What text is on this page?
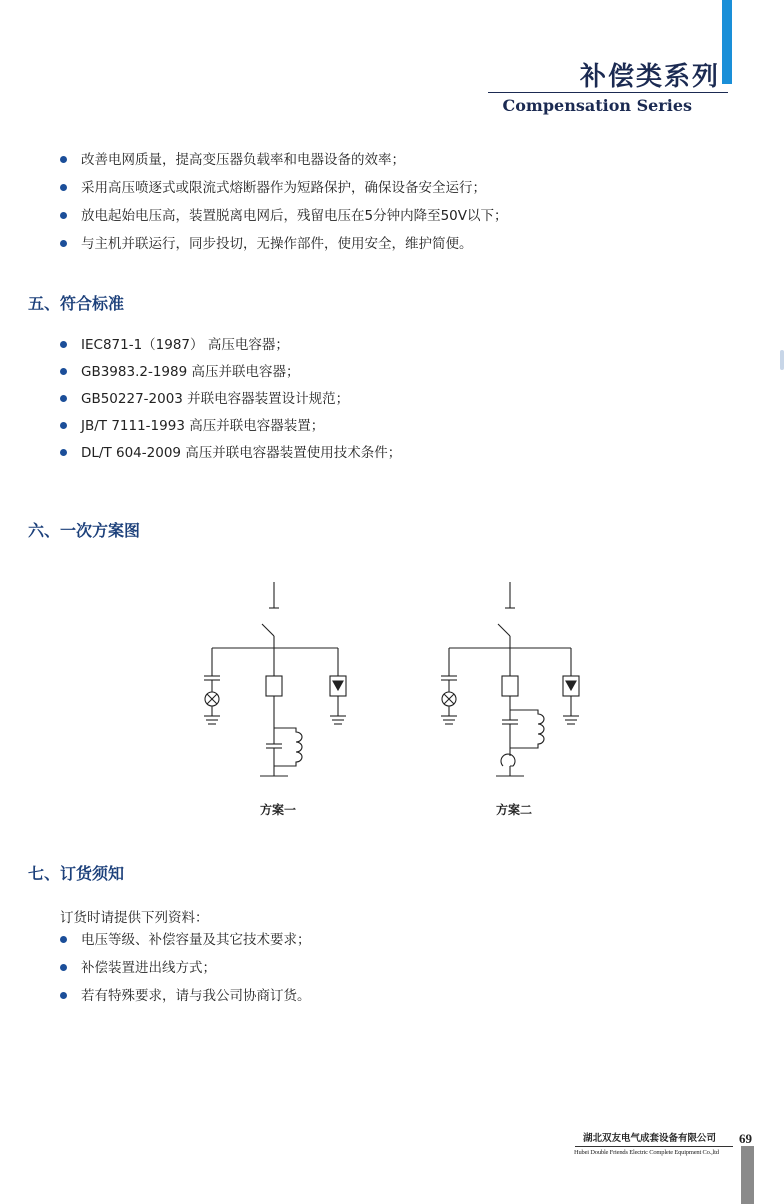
补偿类系列
Compensation Series
改善电网质量，提高变压器负载率和电器设备的效率；
采用高压喷逐式或限流式熔断器作为短路保护，确保设备安全运行；
放电起始电压高，装置脱离电网后，残留电压在5分钟内降至50V以下；
与主机并联运行，同步投切，无操作部件，使用安全，维护简便。
五、符合标准
IEC871-1（1987） 高压电容器；
GB3983.2-1989 高压并联电容器；
GB50227-2003 并联电容器装置设计规范；
JB/T 7111-1993 高压并联电容器装置；
DL/T 604-2009 高压并联电容器装置使用技术条件；
六、一次方案图
方案一	方案二
七、订货须知
订货时请提供下列资料：
电压等级、补偿容量及其它技术要求；
补偿装置进出线方式；
若有特殊要求，请与我公司协商订货。
湖北双友电气成套设备有限公司 69
Hubei Double Friends Electric Complete Equipment Co.,ltd
